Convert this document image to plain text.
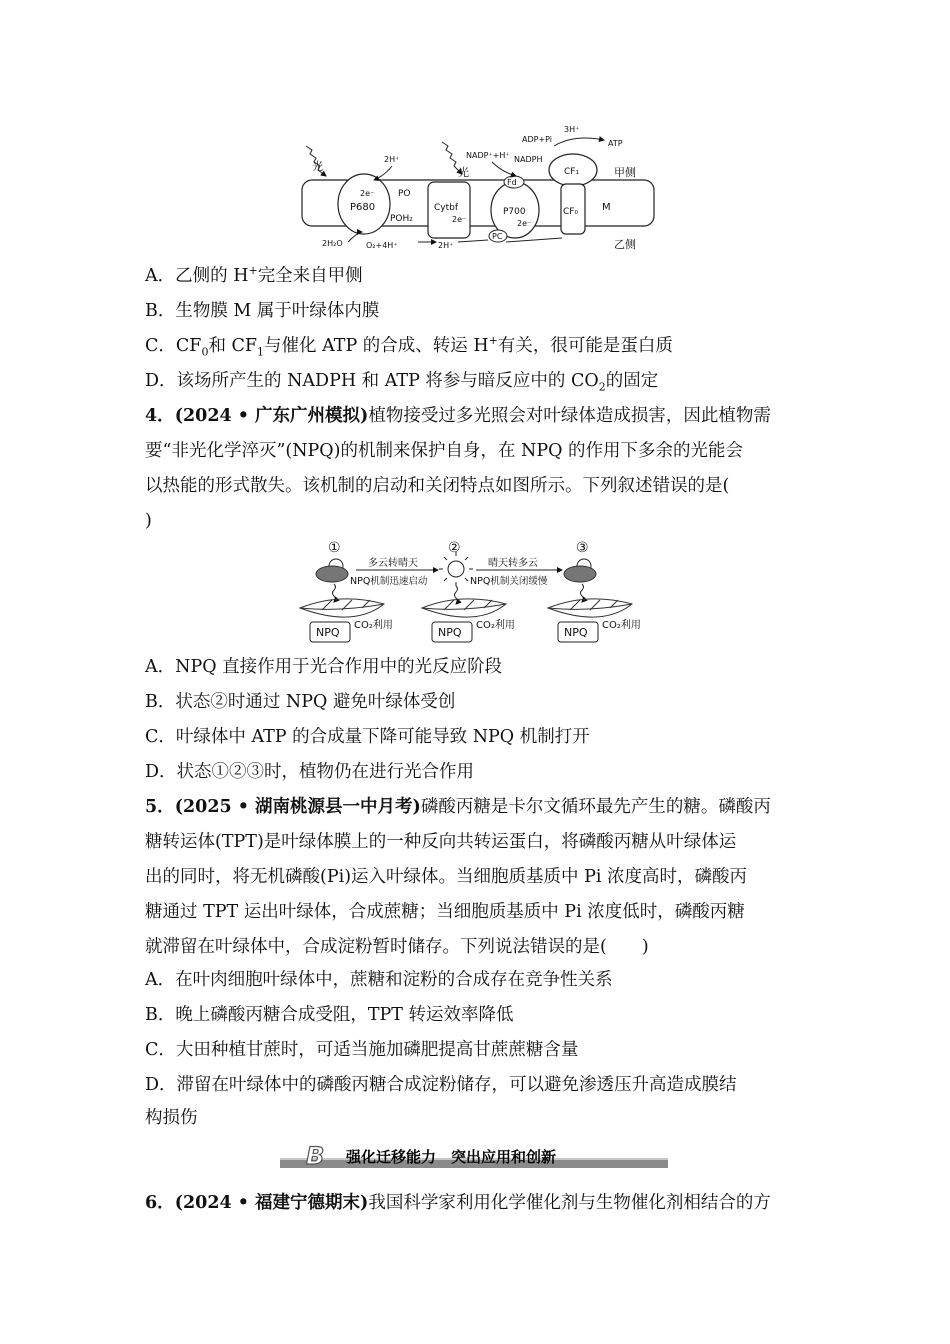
P680
2e⁻	PO
POH₂
Cytbf
2e⁻
Fd
P700
2e⁻
PC
CF₁
CF₀ M
甲侧
乙侧
光	光
2H⁺	NADP⁺+H⁺ NADPH
ADP+Pi
3H⁺
ATP
2H₂O	O₂+4H⁺	2H⁺
A．乙侧的 H+完全来自甲侧
B．生物膜 M 属于叶绿体内膜
C．$CF_0$和 $CF_1$与催化 ATP 的合成、转运 H+有关，很可能是蛋白质
D．该场所产生的 NADPH 和 ATP 将参与暗反应中的 $CO_2$的固定
4．(2024 • 广东广州模拟)植物接受过多光照会对叶绿体造成损害，因此植物需
要“非光化学淬灭”(NPQ)的机制来保护自身，在 NPQ 的作用下多余的光能会
以热能的形式散失。该机制的启动和关闭特点如图所示。下列叙述错误的是(
)
①	②	③
多云转晴天
NPQ机制迅速启动
晴天转多云
NPQ机制关闭缓慢
NPQ	NPQ	NPQ
CO₂利用	CO₂利用	CO₂利用
A．NPQ 直接作用于光合作用中的光反应阶段
B．状态②时通过 NPQ 避免叶绿体受创
C．叶绿体中 ATP 的合成量下降可能导致 NPQ 机制打开
D．状态①②③时，植物仍在进行光合作用
5．(2025 • 湖南桃源县一中月考)磷酸丙糖是卡尔文循环最先产生的糖。磷酸丙
糖转运体(TPT)是叶绿体膜上的一种反向共转运蛋白，将磷酸丙糖从叶绿体运
出的同时，将无机磷酸(Pi)运入叶绿体。当细胞质基质中 Pi 浓度高时，磷酸丙
糖通过 TPT 运出叶绿体，合成蔗糖；当细胞质基质中 Pi 浓度低时，磷酸丙糖
就滞留在叶绿体中，合成淀粉暂时储存。下列说法错误的是(　　)
A．在叶肉细胞叶绿体中，蔗糖和淀粉的合成存在竞争性关系
B．晚上磷酸丙糖合成受阻，TPT 转运效率降低
C．大田种植甘蔗时，可适当施加磷肥提高甘蔗蔗糖含量
D．滞留在叶绿体中的磷酸丙糖合成淀粉储存，可以避免渗透压升高造成膜结
构损伤
B 强化迁移能力　突出应用和创新
6．(2024 • 福建宁德期末)我国科学家利用化学催化剂与生物催化剂相结合的方
